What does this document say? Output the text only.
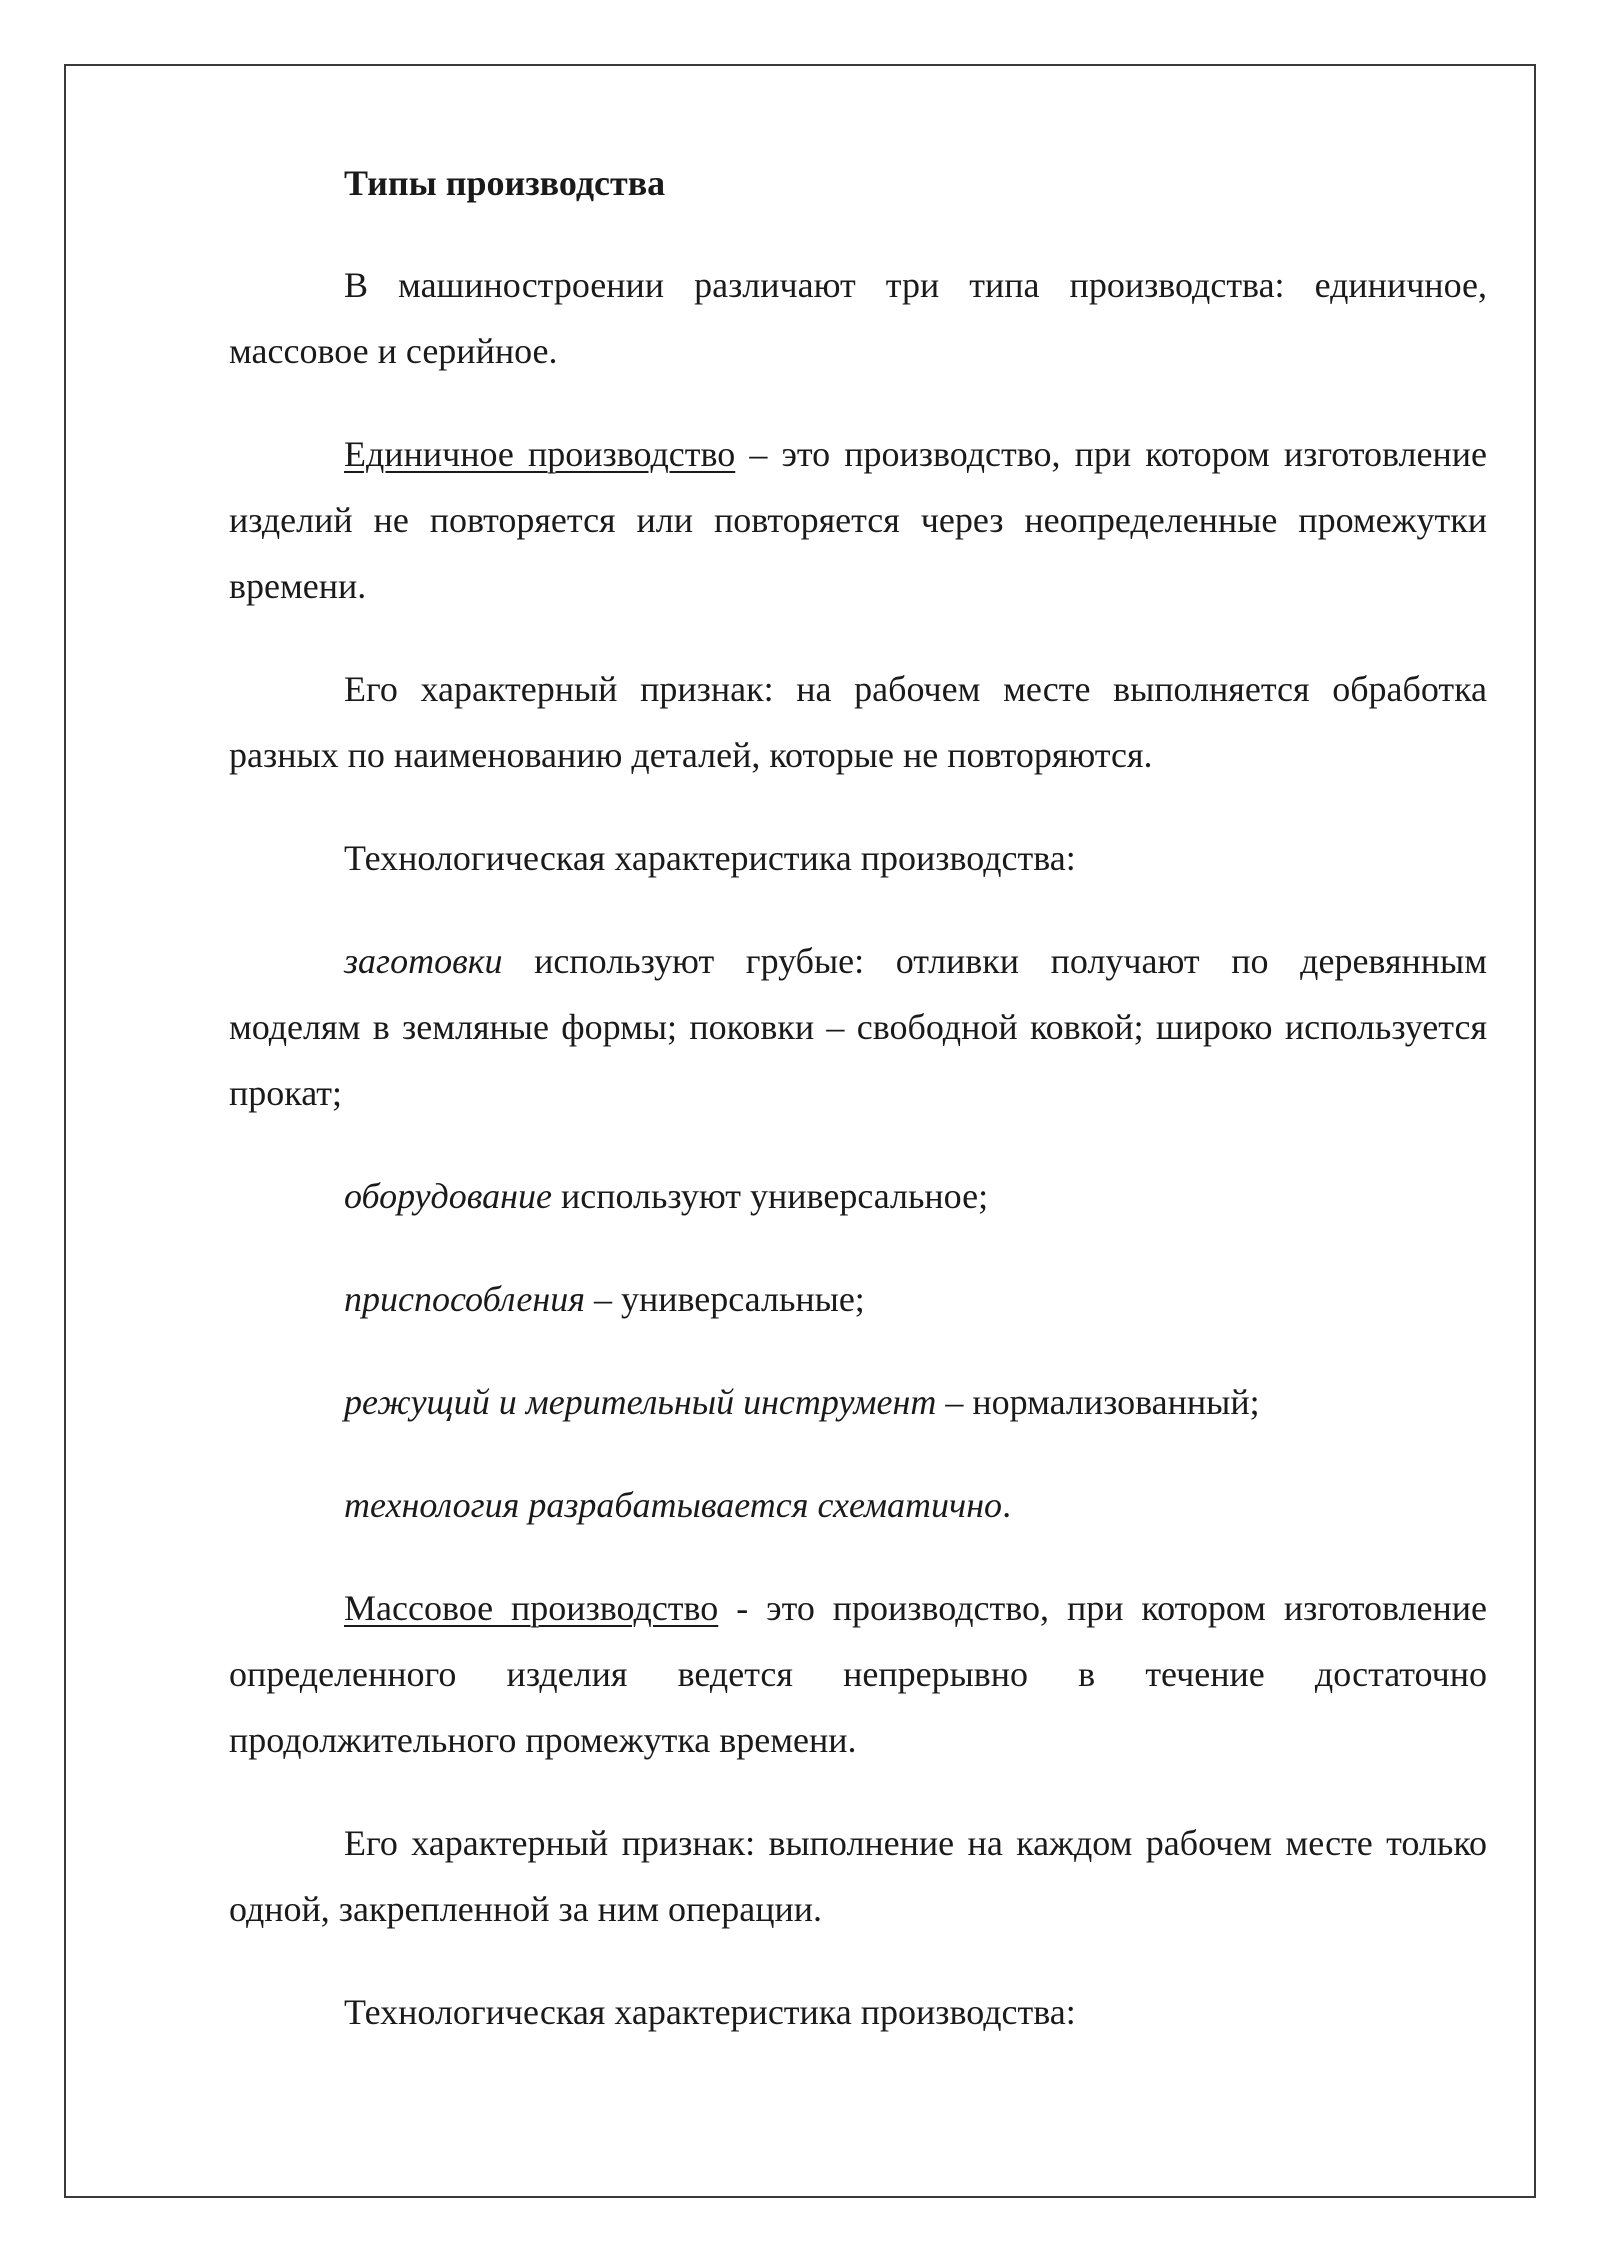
Типы производства

В машиностроении различают три типа производства: единичное, массовое и серийное.

Единичное производство – это производство, при котором изготовление изделий не повторяется или повторяется через неопределенные промежутки времени.

Его характерный признак: на рабочем месте выполняется обработка разных по наименованию деталей, которые не повторяются.

Технологическая характеристика производства:

заготовки используют грубые: отливки получают по деревянным моделям в земляные формы; поковки – свободной ковкой; широко используется прокат;

оборудование используют универсальное;

приспособления – универсальные;

режущий и мерительный инструмент – нормализованный;

технология разрабатывается схематично.

Массовое производство - это производство, при котором изготовление определенного изделия ведется непрерывно в течение достаточно продолжительного промежутка времени.

Его характерный признак: выполнение на каждом рабочем месте только одной, закрепленной за ним операции.

Технологическая характеристика производства:
